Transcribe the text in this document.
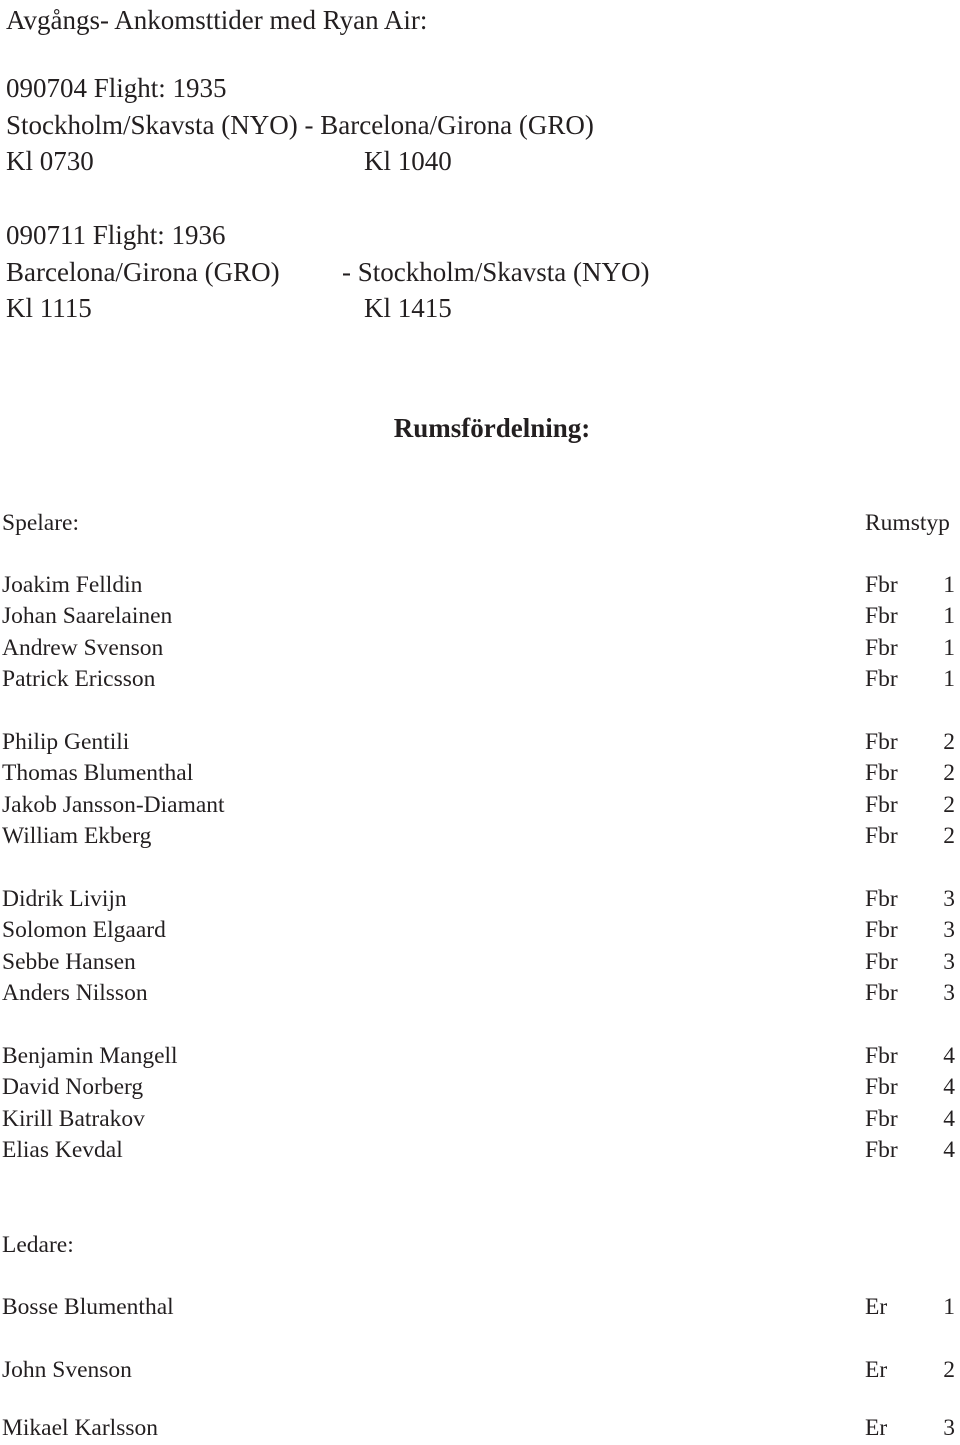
Avgångs- Ankomsttider med Ryan Air:
090704 Flight: 1935
Stockholm/Skavsta (NYO) - Barcelona/Girona (GRO)
Kl 0730	Kl 1040
090711 Flight: 1936
Barcelona/Girona (GRO) - Stockholm/Skavsta (NYO)
Kl 1115	Kl 1415
Rumsfördelning:
Spelare:	Rumstyp
Joakim Felldin	Fbr 1
Johan Saarelainen	Fbr 1
Andrew Svenson	Fbr 1
Patrick Ericsson	Fbr 1
Philip Gentili	Fbr 2
Thomas Blumenthal	Fbr 2
Jakob Jansson-Diamant	Fbr 2
William Ekberg	Fbr 2
Didrik Livijn	Fbr 3
Solomon Elgaard	Fbr 3
Sebbe Hansen	Fbr 3
Anders Nilsson	Fbr 3
Benjamin Mangell	Fbr 4
David Norberg	Fbr 4
Kirill Batrakov	Fbr 4
Elias Kevdal	Fbr 4
Ledare:
Bosse Blumenthal	Er 1
John Svenson	Er 2
Mikael Karlsson	Er 3
